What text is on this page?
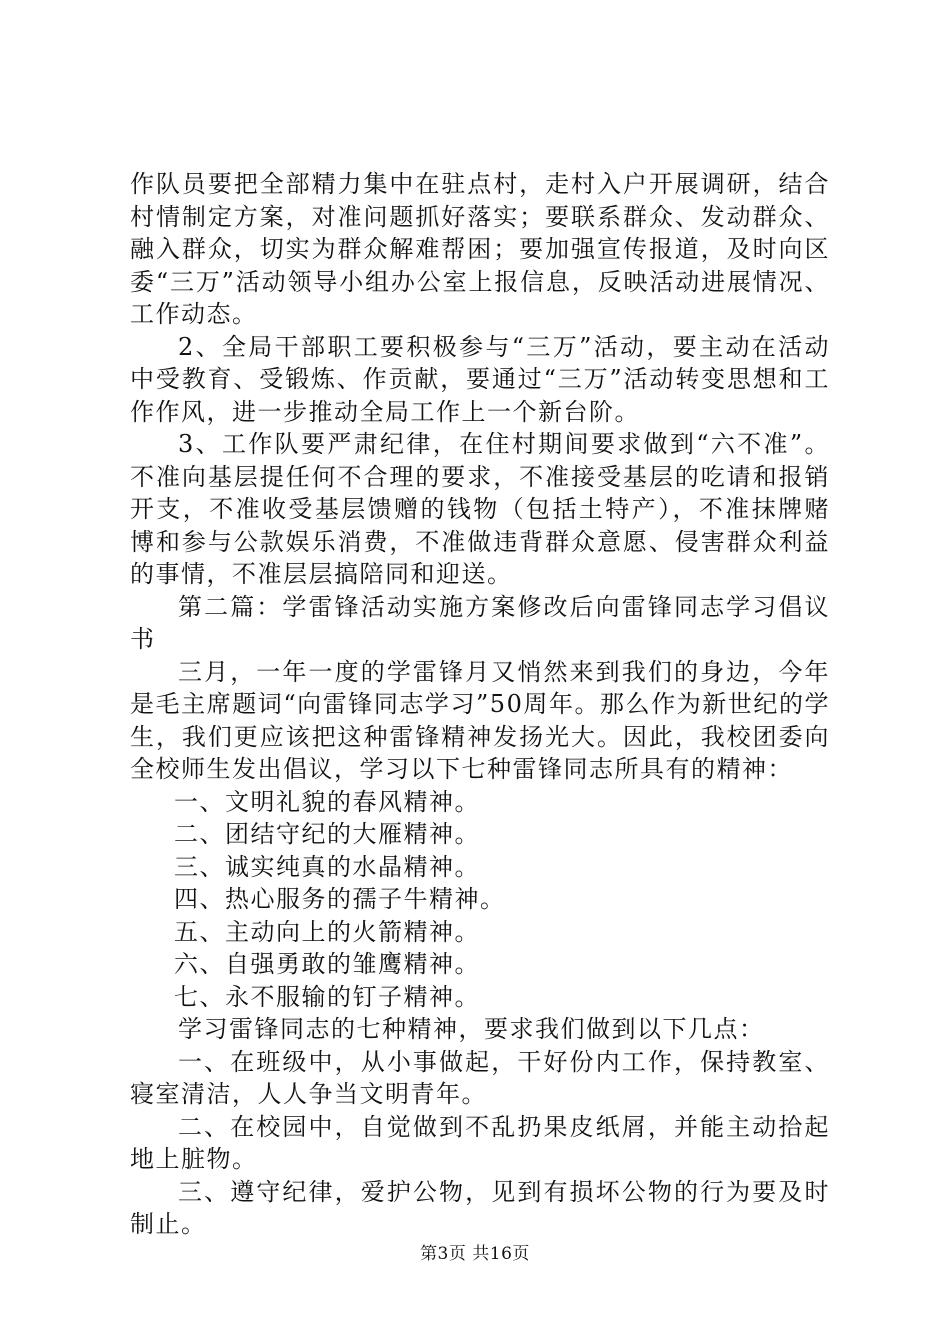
作队员要把全部精力集中在驻点村，走村入户开展调研，结合村情制定方案，对准问题抓好落实；要联系群众、发动群众、融入群众，切实为群众解难帮困；要加强宣传报道，及时向区委“三万”活动领导小组办公室上报信息，反映活动进展情况、工作动态。

2、全局干部职工要积极参与“三万”活动，要主动在活动中受教育、受锻炼、作贡献，要通过“三万”活动转变思想和工作作风，进一步推动全局工作上一个新台阶。

3、工作队要严肃纪律，在住村期间要求做到“六不准”。不准向基层提任何不合理的要求，不准接受基层的吃请和报销开支，不准收受基层馈赠的钱物（包括土特产），不准抹牌赌博和参与公款娱乐消费，不准做违背群众意愿、侵害群众利益的事情，不准层层搞陪同和迎送。

第二篇：学雷锋活动实施方案修改后向雷锋同志学习倡议书

三月，一年一度的学雷锋月又悄然来到我们的身边，今年是毛主席题词“向雷锋同志学习”50周年。那么作为新世纪的学生，我们更应该把这种雷锋精神发扬光大。因此，我校团委向全校师生发出倡议，学习以下七种雷锋同志所具有的精神：

一、文明礼貌的春风精神。

二、团结守纪的大雁精神。

三、诚实纯真的水晶精神。

四、热心服务的孺子牛精神。

五、主动向上的火箭精神。

六、自强勇敢的雏鹰精神。

七、永不服输的钉子精神。

学习雷锋同志的七种精神，要求我们做到以下几点：

一、在班级中，从小事做起，干好份内工作，保持教室、寝室清洁，人人争当文明青年。

二、在校园中，自觉做到不乱扔果皮纸屑，并能主动拾起地上脏物。

三、遵守纪律，爱护公物，见到有损坏公物的行为要及时制止。

第3页 共16页
